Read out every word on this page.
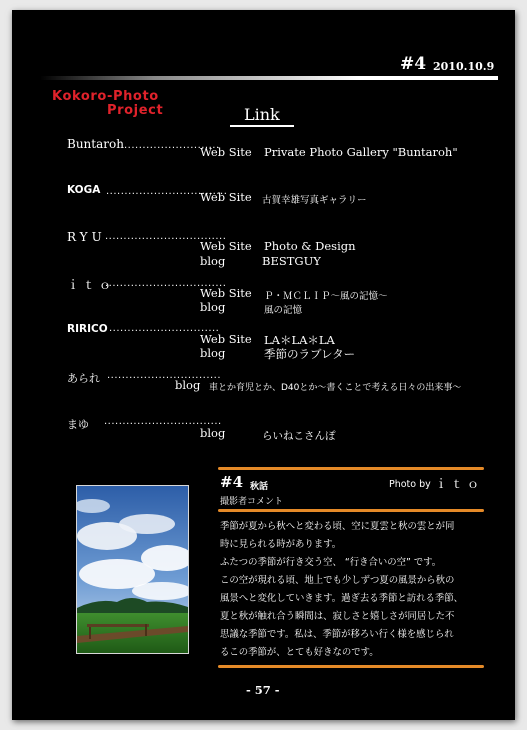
#4 2010.10.9
Kokoro-Photo
Project	Link
Buntaroh ..........................
Web Site Private Photo Gallery "Buntaroh"
KOGA .................................
Web Site 古賀幸雄写真ギャラリー
RYU .................................
Web Site Photo & Design
blog	BESTGUY
ｉｔｏ
.................................
Web Site Ｐ・ＭＣＬＩＰ～風の記憶～
blog	風の記憶
RIRICO ..............................
Web Site LA＊LA＊LA
blog	季節のラブレター
あられ ...............................
blog 車とか育児とか、D40とか～書くことで考える日々の出来事～
まゆ ................................
blog	らいねこさんぽ
#4 秋話	Photo by ｉｔｏ
撮影者コメント
季節が夏から秋へと変わる頃、空に夏雲と秋の雲とが同
時に見られる時があります。
ふたつの季節が行き交う空、 “行き合いの空” です。
この空が現れる頃、地上でも少しずつ夏の風景から秋の
風景へと変化していきます。過ぎ去る季節と訪れる季節、
夏と秋が触れ合う瞬間は、寂しさと嬉しさが同居した不
思議な季節です。私は、季節が移ろい行く様を感じられ
るこの季節が、とても好きなのです。
- 57 -
